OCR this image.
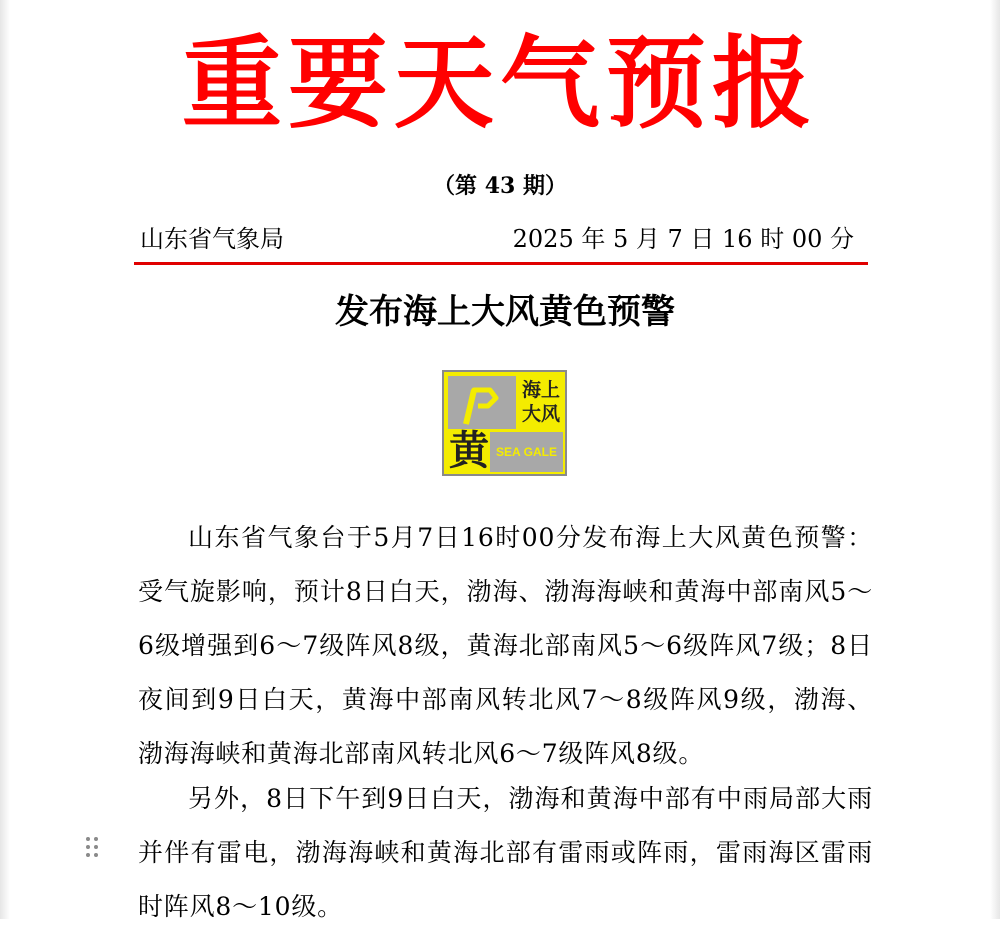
重要天气预报
（第 43 期）
山东省气象局	2025 年 5 月 7 日 16 时 00 分
发布海上大风黄色预警
海上
大风
黄 SEA GALE
山东省气象台于5月7日16时00分发布海上大风黄色预警：受气旋影响，预计8日白天，渤海、渤海海峡和黄海中部南风5～6级增强到6～7级阵风8级，黄海北部南风5～6级阵风7级；8日夜间到9日白天，黄海中部南风转北风7～8级阵风9级，渤海、渤海海峡和黄海北部南风转北风6～7级阵风8级。
另外，8日下午到9日白天，渤海和黄海中部有中雨局部大雨并伴有雷电，渤海海峡和黄海北部有雷雨或阵雨，雷雨海区雷雨时阵风8～10级。
